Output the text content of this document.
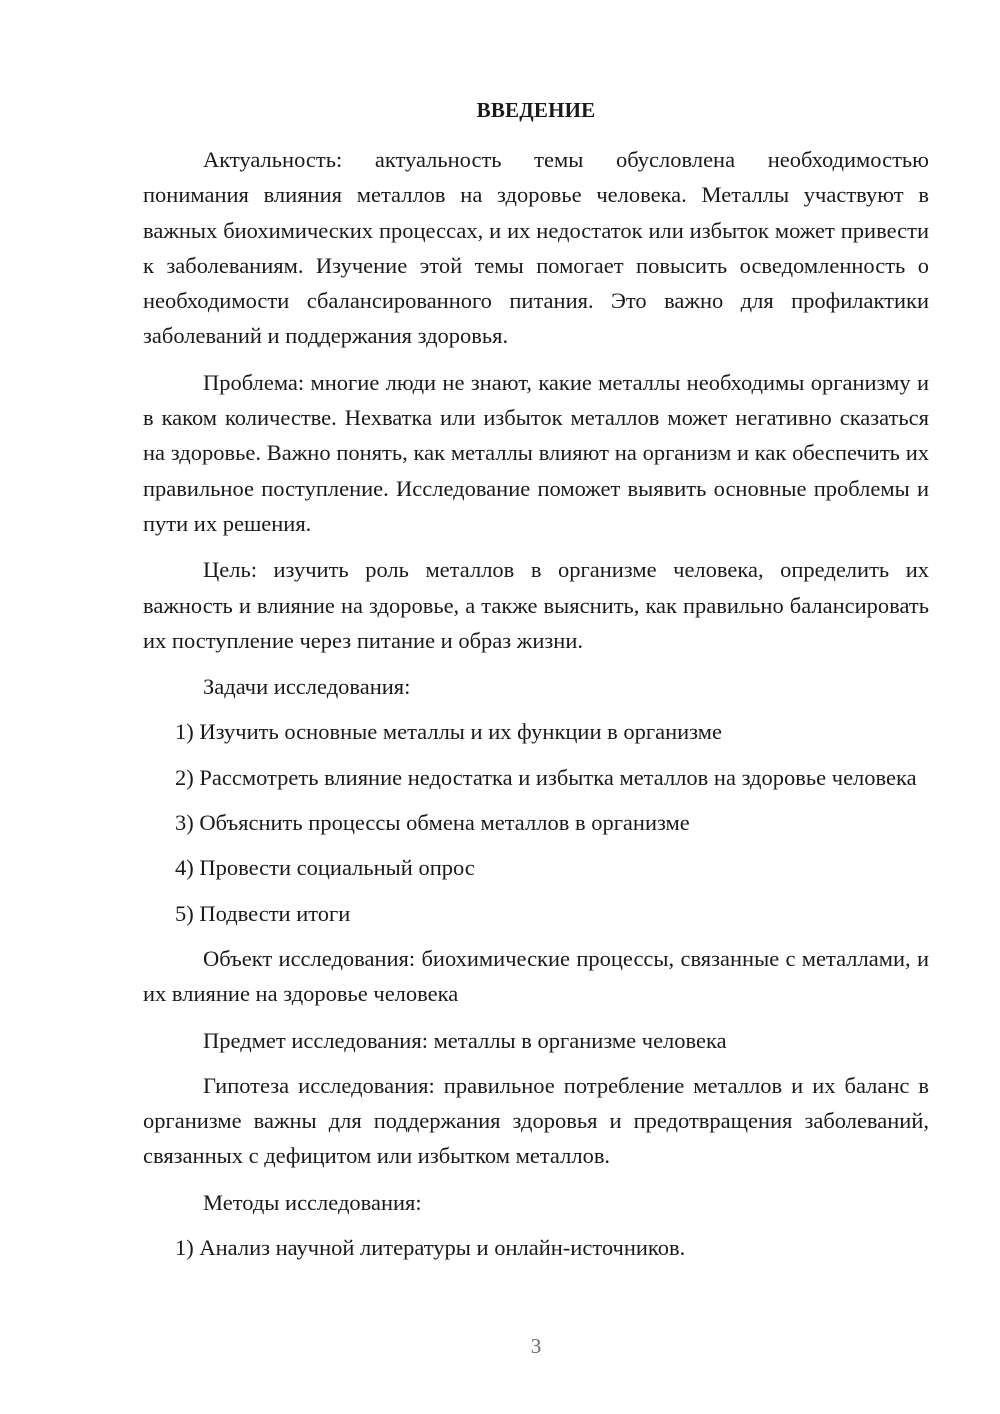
ВВЕДЕНИЕ

Актуальность: актуальность темы обусловлена необходимостью понимания влияния металлов на здоровье человека. Металлы участвуют в важных биохимических процессах, и их недостаток или избыток может привести к заболеваниям. Изучение этой темы помогает повысить осведомленность о необходимости сбалансированного питания. Это важно для профилактики заболеваний и поддержания здоровья.

Проблема: многие люди не знают, какие металлы необходимы организму и в каком количестве. Нехватка или избыток металлов может негативно сказаться на здоровье. Важно понять, как металлы влияют на организм и как обеспечить их правильное поступление. Исследование поможет выявить основные проблемы и пути их решения.

Цель: изучить роль металлов в организме человека, определить их важность и влияние на здоровье, а также выяснить, как правильно балансировать их поступление через питание и образ жизни.

Задачи исследования:

1) Изучить основные металлы и их функции в организме

2) Рассмотреть влияние недостатка и избытка металлов на здоровье человека

3) Объяснить процессы обмена металлов в организме

4) Провести социальный опрос

5) Подвести итоги

Объект исследования: биохимические процессы, связанные с металлами, и их влияние на здоровье человека

Предмет исследования: металлы в организме человека

Гипотеза исследования: правильное потребление металлов и их баланс в организме важны для поддержания здоровья и предотвращения заболеваний, связанных с дефицитом или избытком металлов.

Методы исследования:

1) Анализ научной литературы и онлайн-источников.

3
